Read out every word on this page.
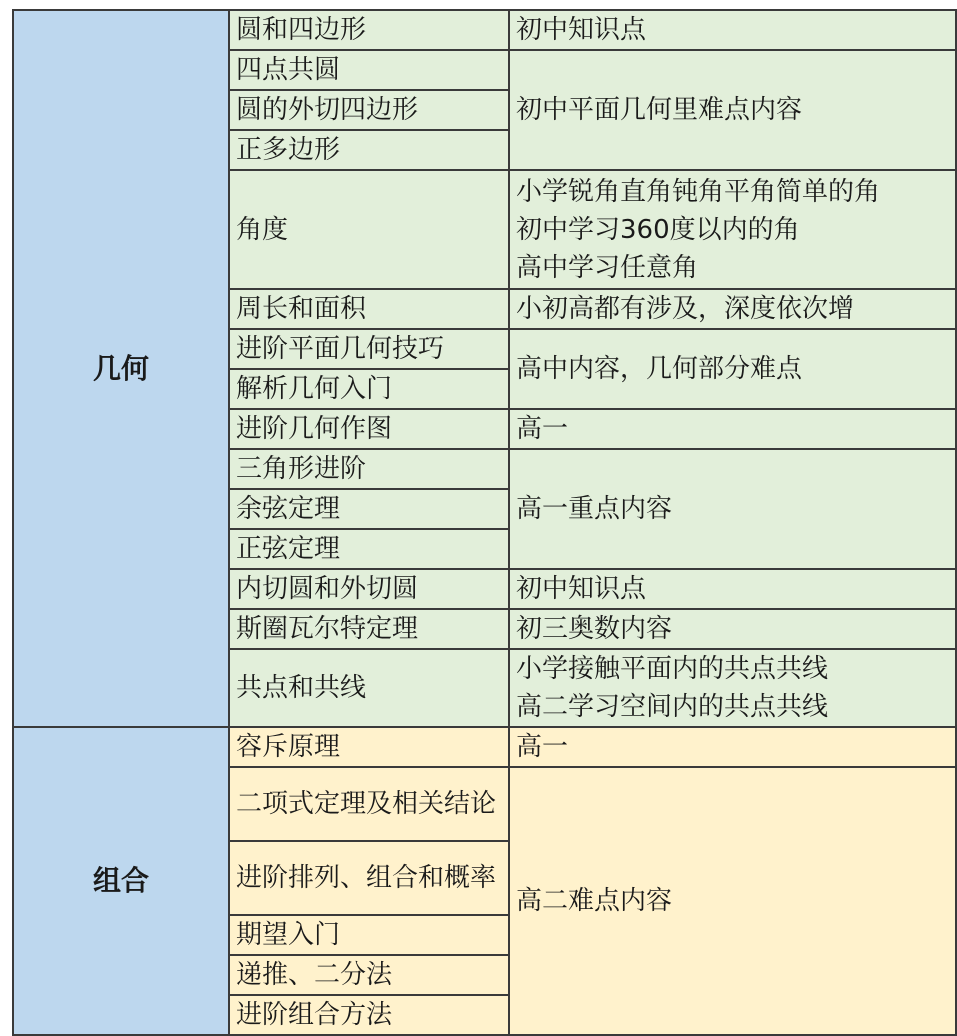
几何	圆和四边形	初中知识点

	四点共圆	初中平面几何里难点内容

	圆的外切四边形	
	正多边形	
	角度	小学锐角直角钝角平角简单的角
初中学习360度以内的角
高中学习任意角

	周长和面积	小初高都有涉及，深度依次增

	进阶平面几何技巧	高中内容，几何部分难点

	解析几何入门	
	进阶几何作图	高一

	三角形进阶	高一重点内容

	余弦定理	
	正弦定理	
	内切圆和外切圆	初中知识点

	斯圈瓦尔特定理	初三奥数内容

	共点和共线	小学接触平面内的共点共线
高二学习空间内的共点共线

组合	容斥原理	高一

	二项式定理及相关结论	高二难点内容

	进阶排列、组合和概率	
	期望入门	
	递推、二分法	
	进阶组合方法	
